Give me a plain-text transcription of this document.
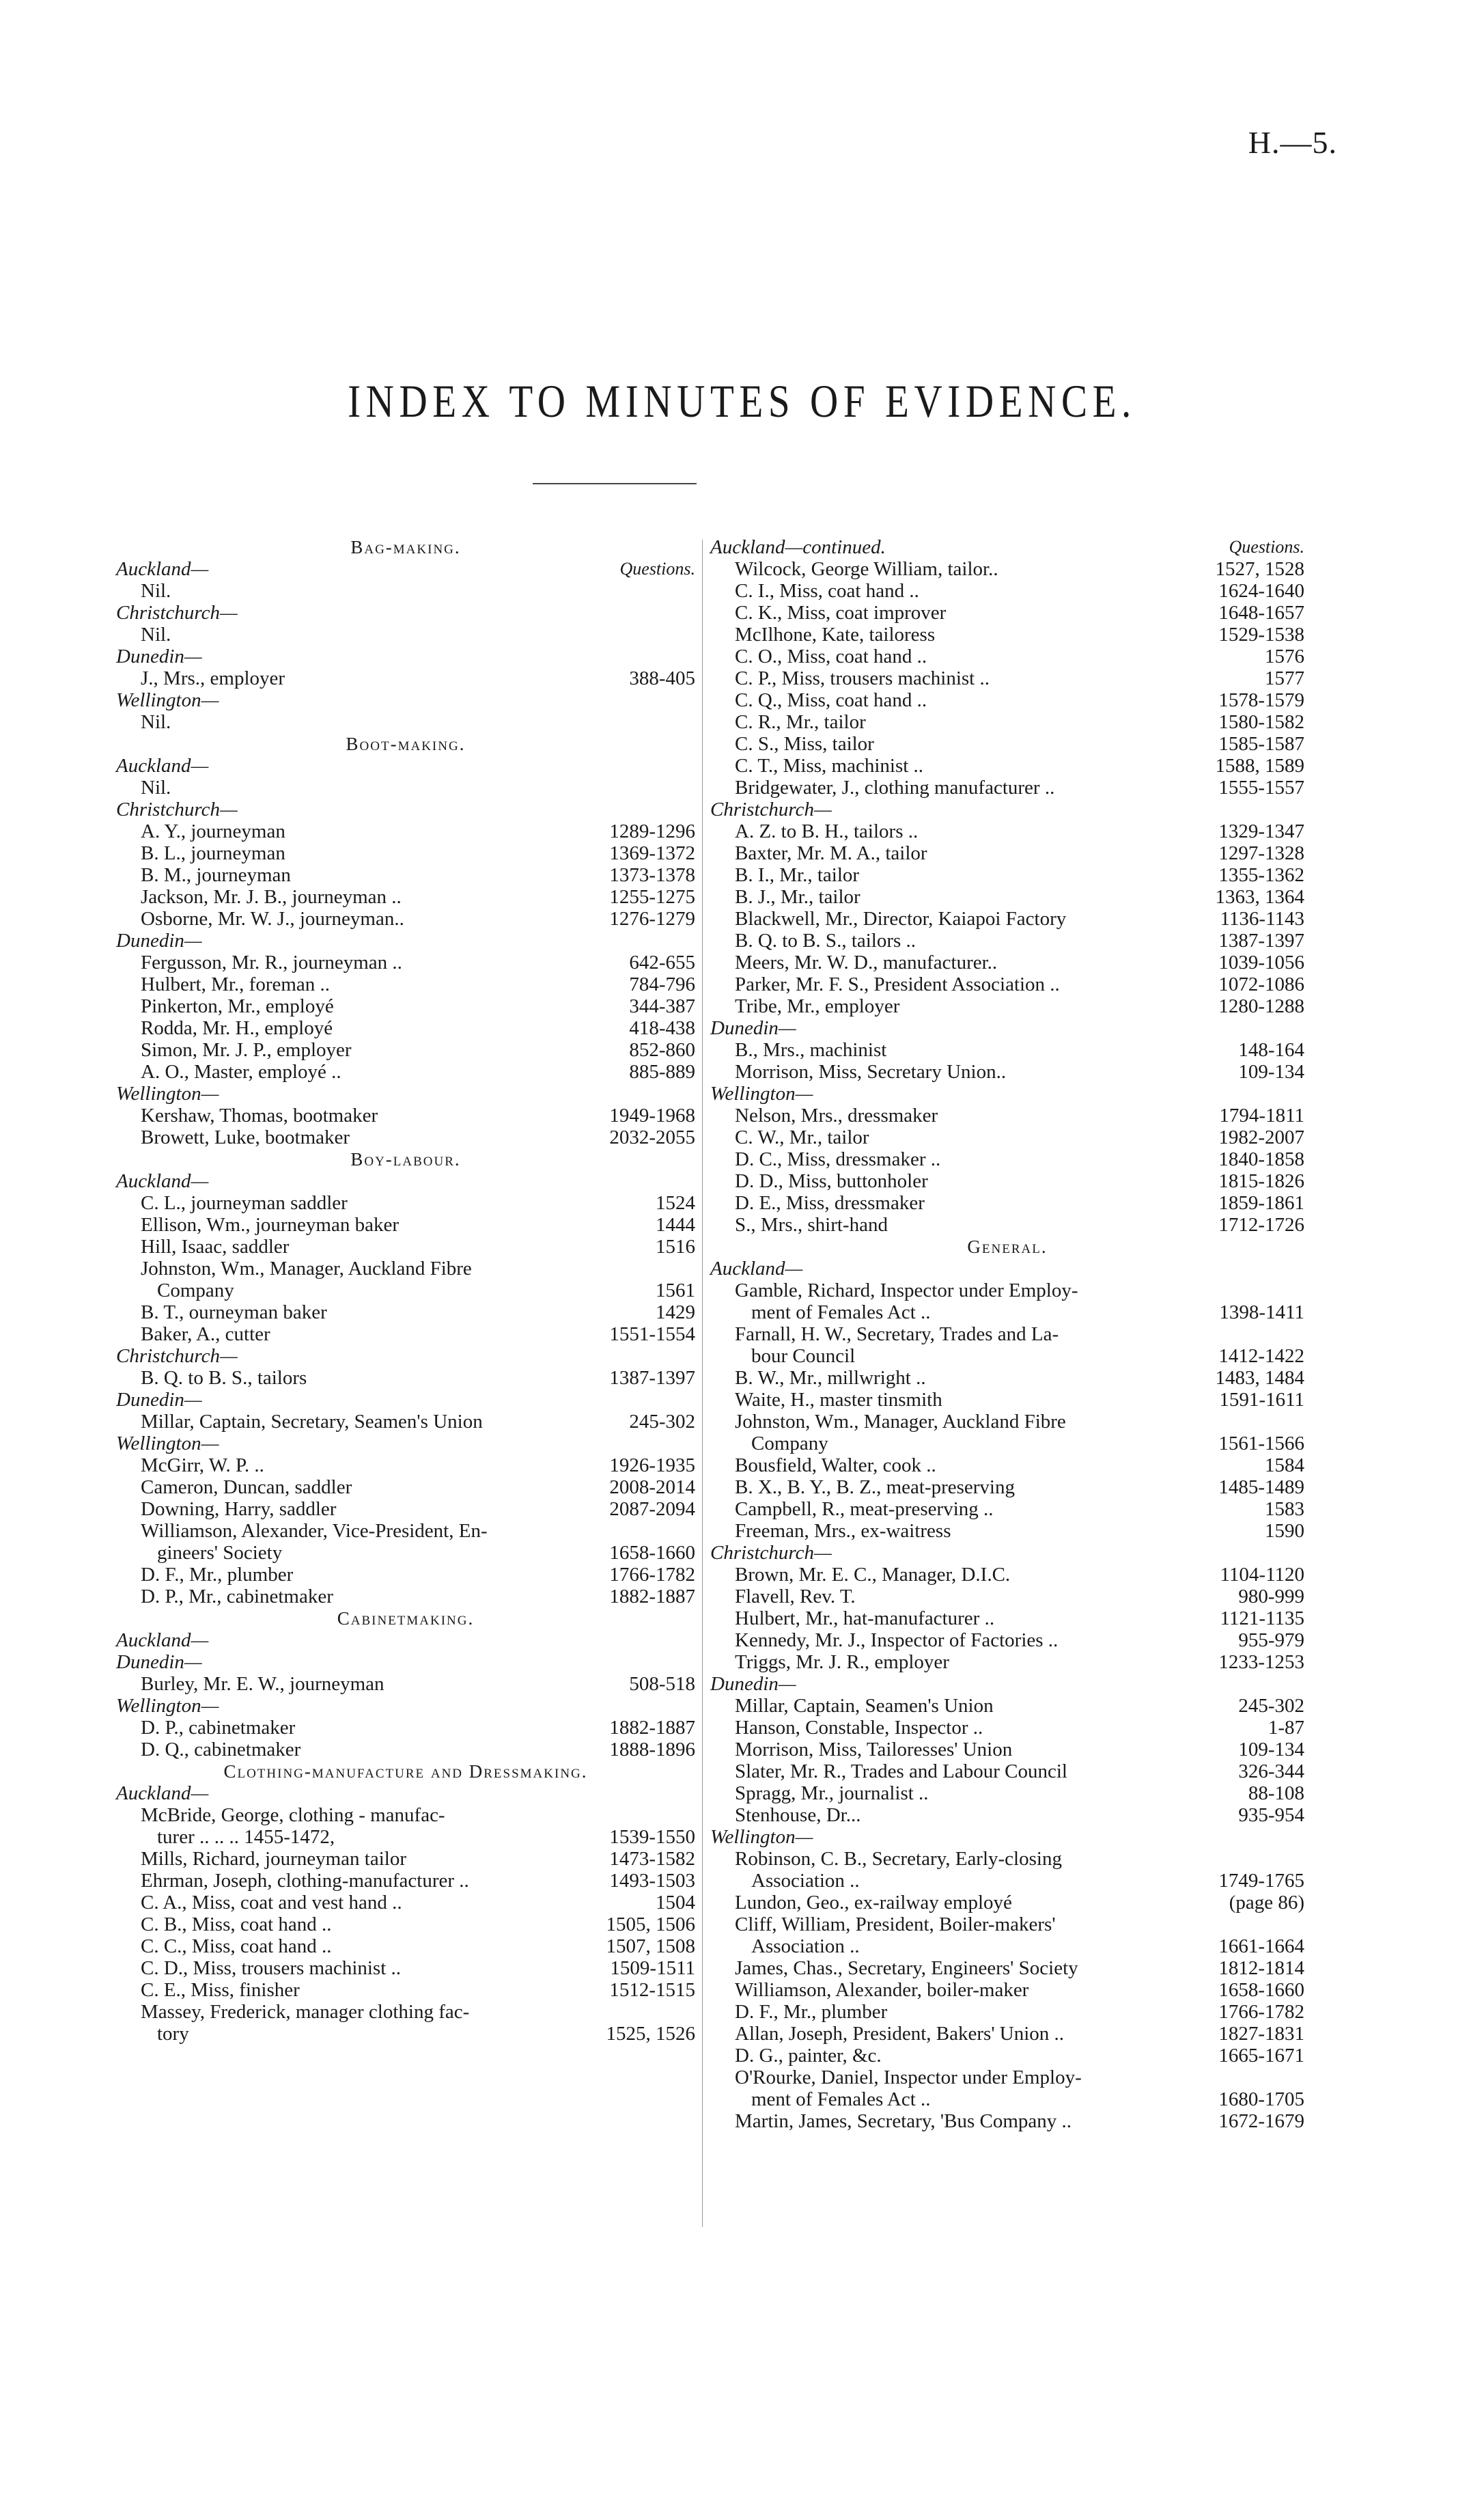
H.—5.
INDEX TO MINUTES OF EVIDENCE.
Bag-making.
Auckland—	Questions.
Nil.
Christchurch—
Nil.
Dunedin—
J., Mrs., employer	388-405
Wellington—
Nil.
Boot-making.
Auckland—
Nil.
Christchurch—
A. Y., journeyman	1289-1296
B. L., journeyman	1369-1372
B. M., journeyman	1373-1378
Jackson, Mr. J. B., journeyman ..	1255-1275
Osborne, Mr. W. J., journeyman..	1276-1279
Dunedin—
Fergusson, Mr. R., journeyman ..	642-655
Hulbert, Mr., foreman ..	784-796
Pinkerton, Mr., employé	344-387
Rodda, Mr. H., employé	418-438
Simon, Mr. J. P., employer	852-860
A. O., Master, employé ..	885-889
Wellington—
Kershaw, Thomas, bootmaker	1949-1968
Browett, Luke, bootmaker	2032-2055
Boy-labour.
Auckland—
C. L., journeyman saddler	1524
Ellison, Wm., journeyman baker	1444
Hill, Isaac, saddler	1516
Johnston, Wm., Manager, Auckland Fibre
Company	1561
B. T., ourneyman baker	1429
Baker, A., cutter	1551-1554
Christchurch—
B. Q. to B. S., tailors	1387-1397
Dunedin—
Millar, Captain, Secretary, Seamen's Union	245-302
Wellington—
McGirr, W. P. ..	1926-1935
Cameron, Duncan, saddler	2008-2014
Downing, Harry, saddler	2087-2094
Williamson, Alexander, Vice-President, En-
gineers' Society	1658-1660
D. F., Mr., plumber	1766-1782
D. P., Mr., cabinetmaker	1882-1887
Cabinetmaking.
Auckland—
Dunedin—
Burley, Mr. E. W., journeyman	508-518
Wellington—
D. P., cabinetmaker	1882-1887
D. Q., cabinetmaker	1888-1896
Clothing-manufacture and Dressmaking.
Auckland—
McBride, George, clothing - manufac-
turer .. .. .. 1455-1472,	1539-1550
Mills, Richard, journeyman tailor	1473-1582
Ehrman, Joseph, clothing-manufacturer ..	1493-1503
C. A., Miss, coat and vest hand ..	1504
C. B., Miss, coat hand ..	1505, 1506
C. C., Miss, coat hand ..	1507, 1508
C. D., Miss, trousers machinist ..	1509-1511
C. E., Miss, finisher	1512-1515
Massey, Frederick, manager clothing fac-
tory	1525, 1526
Auckland—continued.	Questions.
Wilcock, George William, tailor..	1527, 1528
C. I., Miss, coat hand ..	1624-1640
C. K., Miss, coat improver	1648-1657
McIlhone, Kate, tailoress	1529-1538
C. O., Miss, coat hand ..	1576
C. P., Miss, trousers machinist ..	1577
C. Q., Miss, coat hand ..	1578-1579
C. R., Mr., tailor	1580-1582
C. S., Miss, tailor	1585-1587
C. T., Miss, machinist ..	1588, 1589
Bridgewater, J., clothing manufacturer ..	1555-1557
Christchurch—
A. Z. to B. H., tailors ..	1329-1347
Baxter, Mr. M. A., tailor	1297-1328
B. I., Mr., tailor	1355-1362
B. J., Mr., tailor	1363, 1364
Blackwell, Mr., Director, Kaiapoi Factory	1136-1143
B. Q. to B. S., tailors ..	1387-1397
Meers, Mr. W. D., manufacturer..	1039-1056
Parker, Mr. F. S., President Association ..	1072-1086
Tribe, Mr., employer	1280-1288
Dunedin—
B., Mrs., machinist	148-164
Morrison, Miss, Secretary Union..	109-134
Wellington—
Nelson, Mrs., dressmaker	1794-1811
C. W., Mr., tailor	1982-2007
D. C., Miss, dressmaker ..	1840-1858
D. D., Miss, buttonholer	1815-1826
D. E., Miss, dressmaker	1859-1861
S., Mrs., shirt-hand	1712-1726
General.
Auckland—
Gamble, Richard, Inspector under Employ-
ment of Females Act ..	1398-1411
Farnall, H. W., Secretary, Trades and La-
bour Council	1412-1422
B. W., Mr., millwright ..	1483, 1484
Waite, H., master tinsmith	1591-1611
Johnston, Wm., Manager, Auckland Fibre
Company	1561-1566
Bousfield, Walter, cook ..	1584
B. X., B. Y., B. Z., meat-preserving	1485-1489
Campbell, R., meat-preserving ..	1583
Freeman, Mrs., ex-waitress	1590
Christchurch—
Brown, Mr. E. C., Manager, D.I.C.	1104-1120
Flavell, Rev. T.	980-999
Hulbert, Mr., hat-manufacturer ..	1121-1135
Kennedy, Mr. J., Inspector of Factories ..	955-979
Triggs, Mr. J. R., employer	1233-1253
Dunedin—
Millar, Captain, Seamen's Union	245-302
Hanson, Constable, Inspector ..	1-87
Morrison, Miss, Tailoresses' Union	109-134
Slater, Mr. R., Trades and Labour Council	326-344
Spragg, Mr., journalist ..	88-108
Stenhouse, Dr...	935-954
Wellington—
Robinson, C. B., Secretary, Early-closing
Association ..	1749-1765
Lundon, Geo., ex-railway employé	(page 86)
Cliff, William, President, Boiler-makers'
Association ..	1661-1664
James, Chas., Secretary, Engineers' Society	1812-1814
Williamson, Alexander, boiler-maker	1658-1660
D. F., Mr., plumber	1766-1782
Allan, Joseph, President, Bakers' Union ..	1827-1831
D. G., painter, &c.	1665-1671
O'Rourke, Daniel, Inspector under Employ-
ment of Females Act ..	1680-1705
Martin, James, Secretary, 'Bus Company ..	1672-1679
